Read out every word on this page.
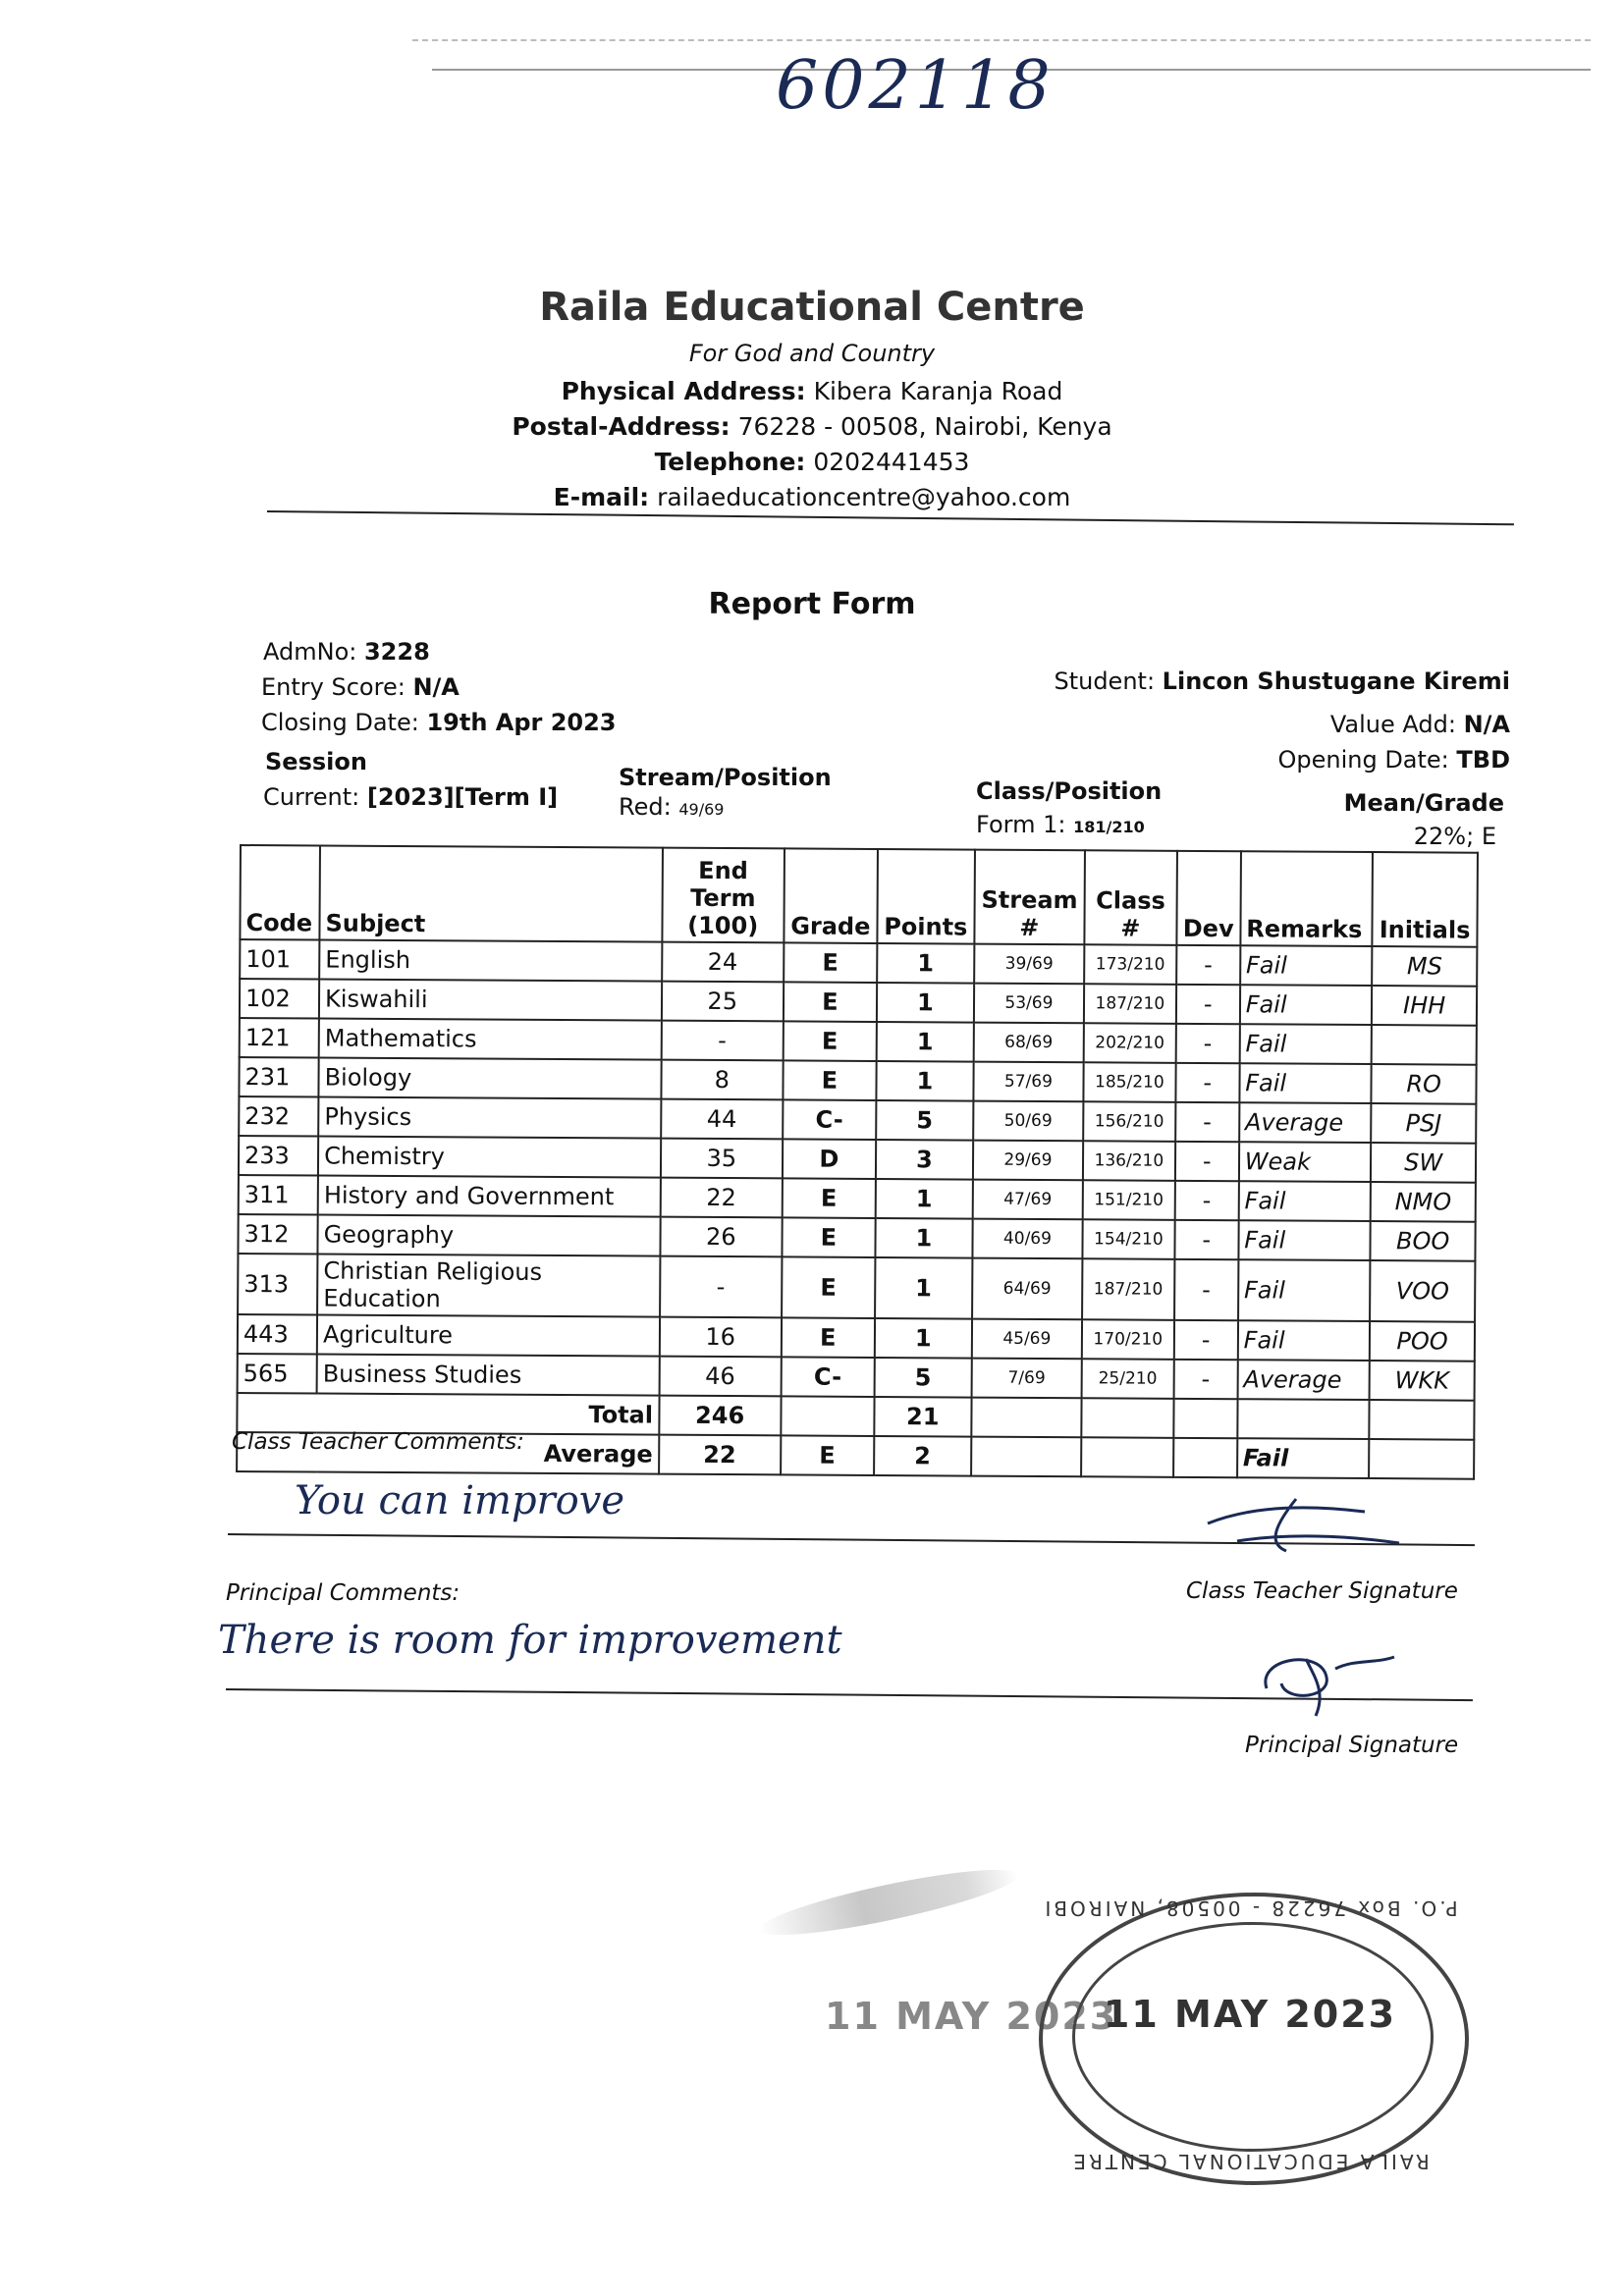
602118
Raila Educational Centre
For God and Country
Physical Address: Kibera Karanja Road
Postal-Address: 76228 - 00508, Nairobi, Kenya
Telephone: 0202441453
E-mail: railaeducationcentre@yahoo.com
Report Form
AdmNo: 3228
Entry Score: N/A
Closing Date: 19th Apr 2023
Student: Lincon Shustugane Kiremi
Value Add: N/A
Opening Date: TBD
Session
Current: [2023][Term I]
Stream/Position
Red: 49/69
Class/Position
Form 1: 181/210
Mean/Grade
22%; E
Code	Subject	End Term (100)	Grade	Points	Stream #	Class #	Dev	Remarks	Initials
101	English	24	E	1	39/69	173/210	-	Fail	MS
102	Kiswahili	25	E	1	53/69	187/210	-	Fail	IHH
121	Mathematics	-	E	1	68/69	202/210	-	Fail	
231	Biology	8	E	1	57/69	185/210	-	Fail	RO
232	Physics	44	C-	5	50/69	156/210	-	Average	PSJ
233	Chemistry	35	D	3	29/69	136/210	-	Weak	SW
311	History and Government	22	E	1	47/69	151/210	-	Fail	NMO
312	Geography	26	E	1	40/69	154/210	-	Fail	BOO
313	Christian Religious Education	-	E	1	64/69	187/210	-	Fail	VOO
443	Agriculture	16	E	1	45/69	170/210	-	Fail	POO
565	Business Studies	46	C-	5	7/69	25/210	-	Average	WKK
Total		246		21					
Average		22	E	2				Fail	
Class Teacher Comments:
You can improve
Class Teacher Signature
Principal Comments:
There is room for improvement
Principal Signature
11 MAY 2023
P.O. Box 76228 - 00508, NAIROBI
11 MAY 2023
RAILA EDUCATIONAL CENTRE
